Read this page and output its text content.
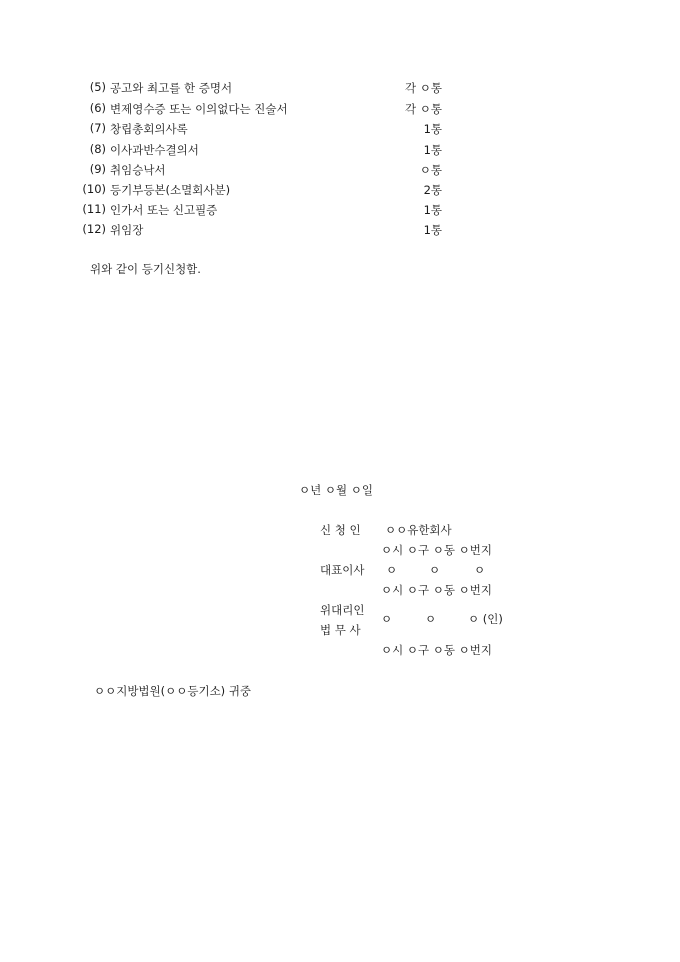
(5) 공고와 최고를 한 증명서	각 ㅇ통
(6) 변제영수증 또는 이의없다는 진술서	각 ㅇ통
(7) 창립총회의사록	1통
(8) 이사과반수결의서	1통
(9) 취임승낙서	ㅇ통
(10) 등기부등본(소멸회사분)	2통
(11) 인가서 또는 신고필증	1통
(12) 위임장	1통
위와 같이 등기신청함.
ㅇ년 ㅇ월 ㅇ일
신 청 인 ㅇㅇ유한회사
ㅇ시 ㅇ구 ㅇ동 ㅇ번지
대표이사 ㅇ	ㅇ	ㅇ
ㅇ시 ㅇ구 ㅇ동 ㅇ번지
위대리인
법 무 사
ㅇ	ㅇ	ㅇ (인)
ㅇ시 ㅇ구 ㅇ동 ㅇ번지
ㅇㅇ지방법원(ㅇㅇ등기소) 귀중
